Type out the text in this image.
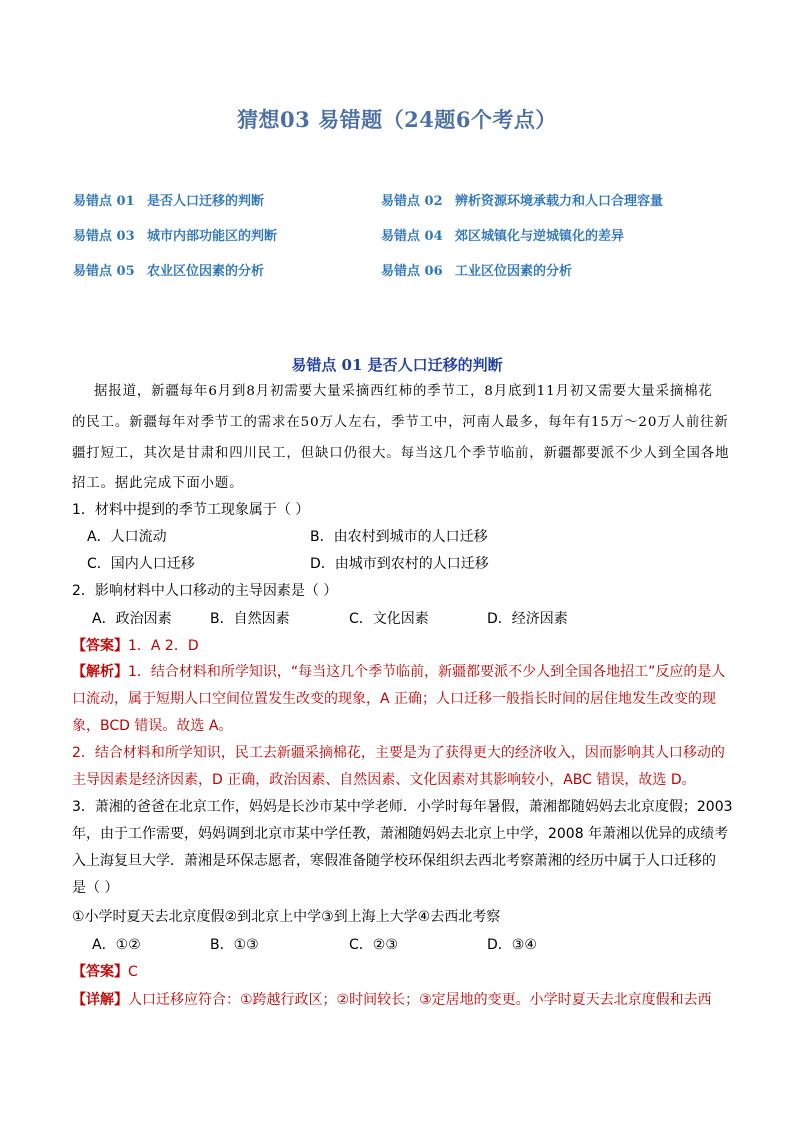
猜想03 易错题（24题6个考点）
易错点 01 是否人口迁移的判断	易错点 02 辨析资源环境承载力和人口合理容量
易错点 03 城市内部功能区的判断	易错点 04 郊区城镇化与逆城镇化的差异
易错点 05 农业区位因素的分析	易错点 06 工业区位因素的分析
易错点 01 是否人口迁移的判断
据报道，新疆每年6月到8月初需要大量采摘西红柿的季节工，8月底到11月初又需要大量采摘棉花
的民工。新疆每年对季节工的需求在50万人左右，季节工中，河南人最多，每年有15万～20万人前往新
疆打短工，其次是甘肃和四川民工，但缺口仍很大。每当这几个季节临前，新疆都要派不少人到全国各地
招工。据此完成下面小题。
1．材料中提到的季节工现象属于（ ）
A．人口流动	B．由农村到城市的人口迁移
C．国内人口迁移	D．由城市到农村的人口迁移
2．影响材料中人口移动的主导因素是（ ）
A．政治因素	B．自然因素	C．文化因素	D．经济因素
【答案】1．A 2．D
【解析】1．结合材料和所学知识，“每当这几个季节临前，新疆都要派不少人到全国各地招工”反应的是人
口流动，属于短期人口空间位置发生改变的现象，A 正确；人口迁移一般指长时间的居住地发生改变的现
象，BCD 错误。故选 A。
2．结合材料和所学知识，民工去新疆采摘棉花，主要是为了获得更大的经济收入，因而影响其人口移动的
主导因素是经济因素，D 正确，政治因素、自然因素、文化因素对其影响较小，ABC 错误，故选 D。
3．萧湘的爸爸在北京工作，妈妈是长沙市某中学老师．小学时每年暑假，萧湘都随妈妈去北京度假；2003
年，由于工作需要，妈妈调到北京市某中学任教，萧湘随妈妈去北京上中学，2008 年萧湘以优异的成绩考
入上海复旦大学．萧湘是环保志愿者，寒假准备随学校环保组织去西北考察萧湘的经历中属于人口迁移的
是（ ）
①小学时夏天去北京度假②到北京上中学③到上海上大学④去西北考察
A．①②	B．①③	C．②③	D．③④
【答案】C
【详解】人口迁移应符合：①跨越行政区；②时间较长；③定居地的变更。小学时夏天去北京度假和去西
